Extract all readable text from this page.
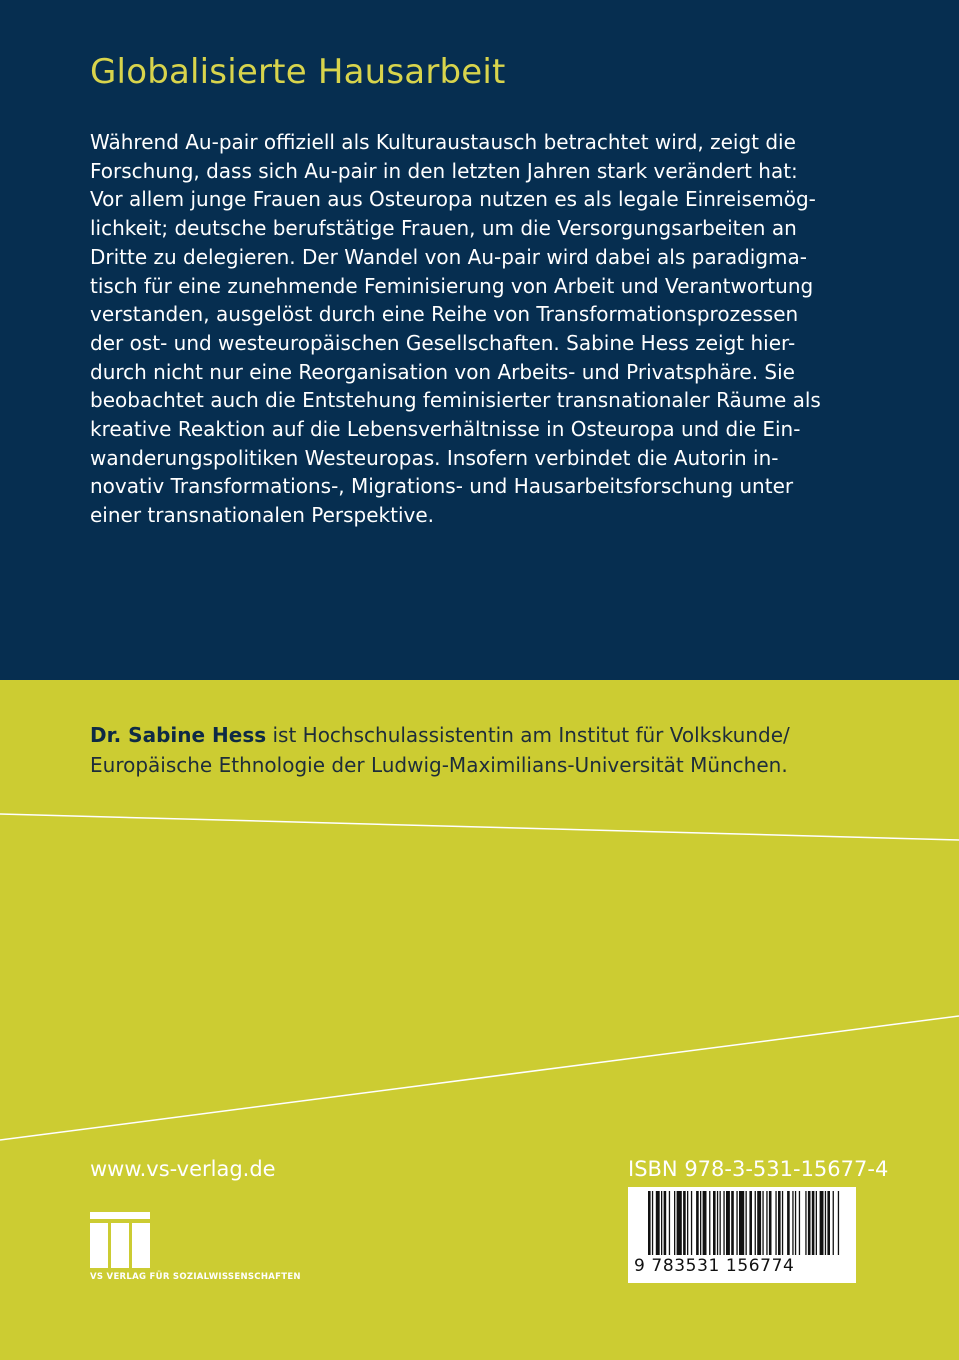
Globalisierte Hausarbeit
Während Au-pair offiziell als Kulturaustausch betrachtet wird, zeigt die
Forschung, dass sich Au-pair in den letzten Jahren stark verändert hat:
Vor allem junge Frauen aus Osteuropa nutzen es als legale Einreisemög-
lichkeit; deutsche berufstätige Frauen, um die Versorgungsarbeiten an
Dritte zu delegieren. Der Wandel von Au-pair wird dabei als paradigma-
tisch für eine zunehmende Feminisierung von Arbeit und Verantwortung
verstanden, ausgelöst durch eine Reihe von Transformationsprozessen
der ost- und westeuropäischen Gesellschaften. Sabine Hess zeigt hier-
durch nicht nur eine Reorganisation von Arbeits- und Privatsphäre. Sie
beobachtet auch die Entstehung feminisierter transnationaler Räume als
kreative Reaktion auf die Lebensverhältnisse in Osteuropa und die Ein-
wanderungspolitiken Westeuropas. Insofern verbindet die Autorin in-
novativ Transformations-, Migrations- und Hausarbeitsforschung unter
einer transnationalen Perspektive.
Dr. Sabine Hess ist Hochschulassistentin am Institut für Volkskunde/
Europäische Ethnologie der Ludwig-Maximilians-Universität München.
www.vs-verlag.de
VS VERLAG FÜR SOZIALWISSENSCHAFTEN
ISBN 978-3-531-15677-4
9 783531 156774
